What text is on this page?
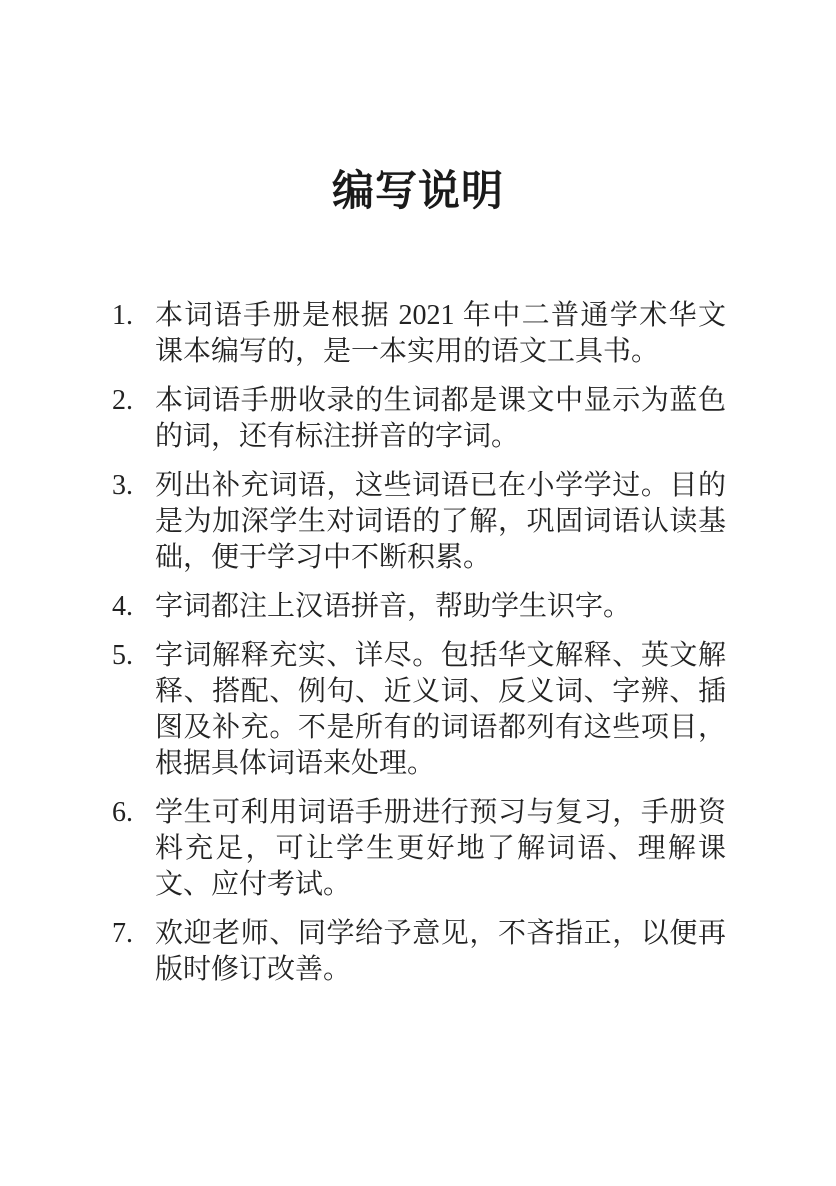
编写说明
1. 本词语手册是根据 2021 年中二普通学术华文课本编写的，是一本实用的语文工具书。
2. 本词语手册收录的生词都是课文中显示为蓝色的词，还有标注拼音的字词。
3. 列出补充词语，这些词语已在小学学过。目的是为加深学生对词语的了解，巩固词语认读基础，便于学习中不断积累。
4. 字词都注上汉语拼音，帮助学生识字。
5. 字词解释充实、详尽。包括华文解释、英文解释、搭配、例句、近义词、反义词、字辨、插图及补充。不是所有的词语都列有这些项目，根据具体词语来处理。
6. 学生可利用词语手册进行预习与复习，手册资料充足，可让学生更好地了解词语、理解课文、应付考试。
7. 欢迎老师、同学给予意见，不吝指正，以便再版时修订改善。
